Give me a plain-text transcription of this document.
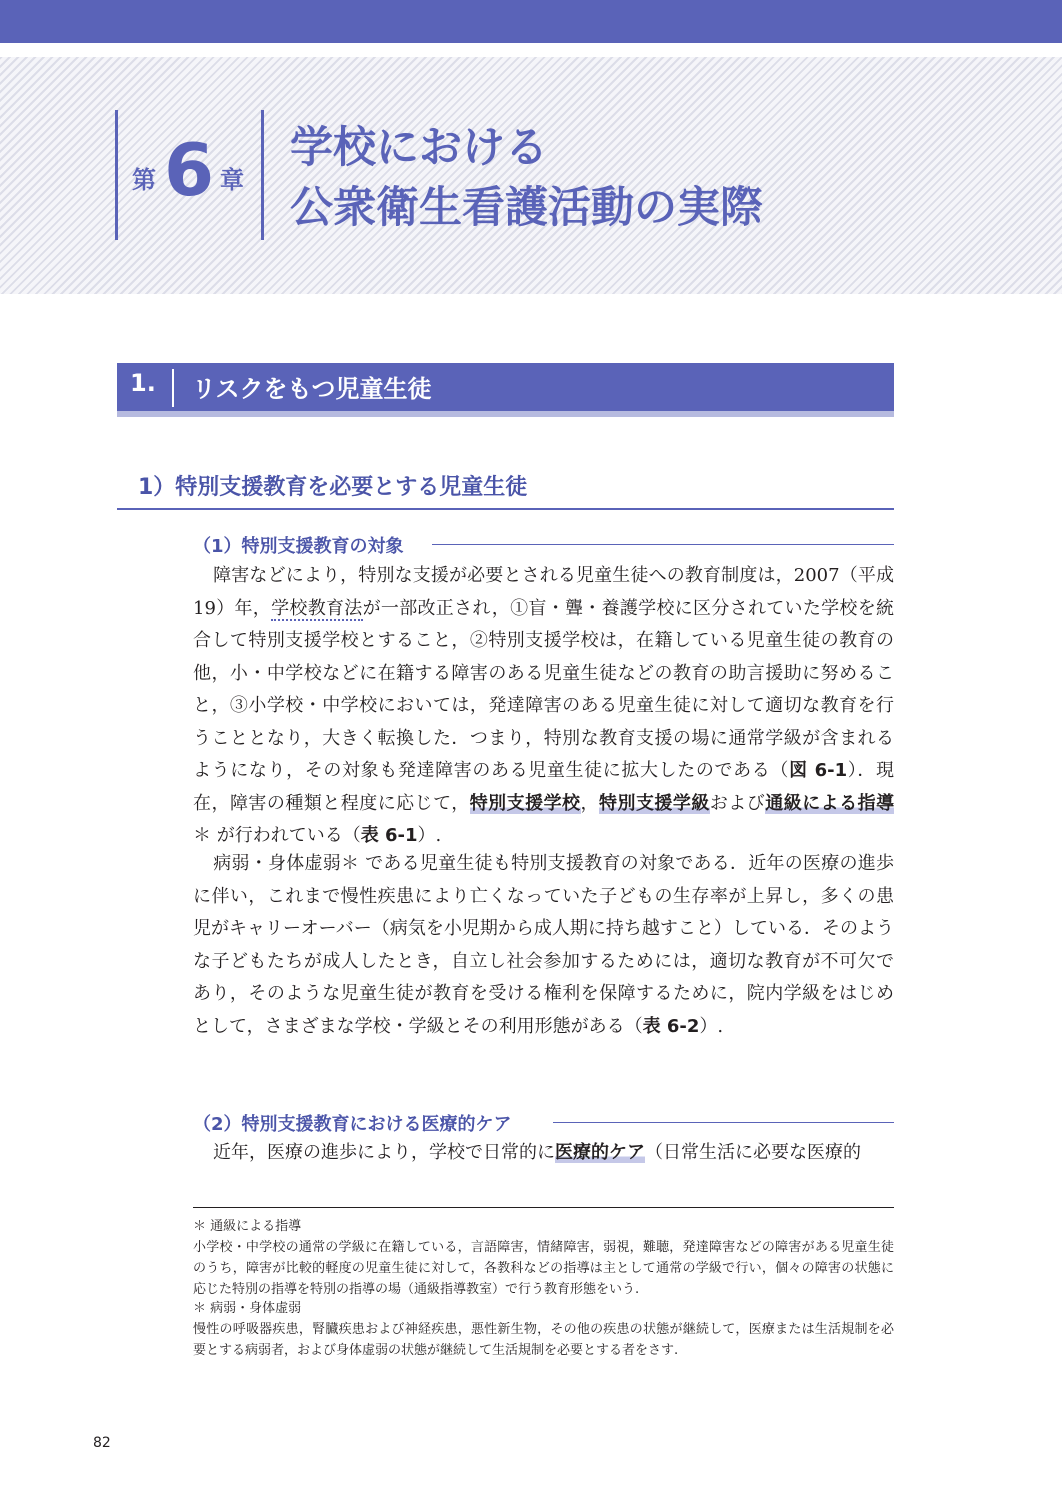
第 6 章
学校における
公衆衛生看護活動の実際
1. リスクをもつ児童生徒
1）特別支援教育を必要とする児童生徒
（1）特別支援教育の対象
障害などにより，特別な支援が必要とされる児童生徒への教育制度は，2007（平成 19）年，学校教育法が一部改正され，①盲・聾・養護学校に区分されていた学校を統合して特別支援学校とすること，②特別支援学校は，在籍している児童生徒の教育の他，小・中学校などに在籍する障害のある児童生徒などの教育の助言援助に努めること，③小学校・中学校においては，発達障害のある児童生徒に対して適切な教育を行うこととなり，大きく転換した．つまり，特別な教育支援の場に通常学級が含まれるようになり，その対象も発達障害のある児童生徒に拡大したのである（図 6-1）．現在，障害の種類と程度に応じて，特別支援学校，特別支援学級および通級による指導＊ が行われている（表 6-1）.
病弱・身体虚弱＊ である児童生徒も特別支援教育の対象である．近年の医療の進歩に伴い，これまで慢性疾患により亡くなっていた子どもの生存率が上昇し，多くの患児がキャリーオーバー（病気を小児期から成人期に持ち越すこと）している．そのような子どもたちが成人したとき，自立し社会参加するためには，適切な教育が不可欠であり，そのような児童生徒が教育を受ける権利を保障するために，院内学級をはじめとして，さまざまな学校・学級とその利用形態がある（表 6-2）.
（2）特別支援教育における医療的ケア
近年，医療の進歩により，学校で日常的に医療的ケア（日常生活に必要な医療的
＊ 通級による指導
小学校・中学校の通常の学級に在籍している，言語障害，情緒障害，弱視，難聴，発達障害などの障害がある児童生徒のうち，障害が比較的軽度の児童生徒に対して，各教科などの指導は主として通常の学級で行い，個々の障害の状態に応じた特別の指導を特別の指導の場（通級指導教室）で行う教育形態をいう.
＊ 病弱・身体虚弱
慢性の呼吸器疾患，腎臓疾患および神経疾患，悪性新生物，その他の疾患の状態が継続して，医療または生活規制を必要とする病弱者，および身体虚弱の状態が継続して生活規制を必要とする者をさす.
82
